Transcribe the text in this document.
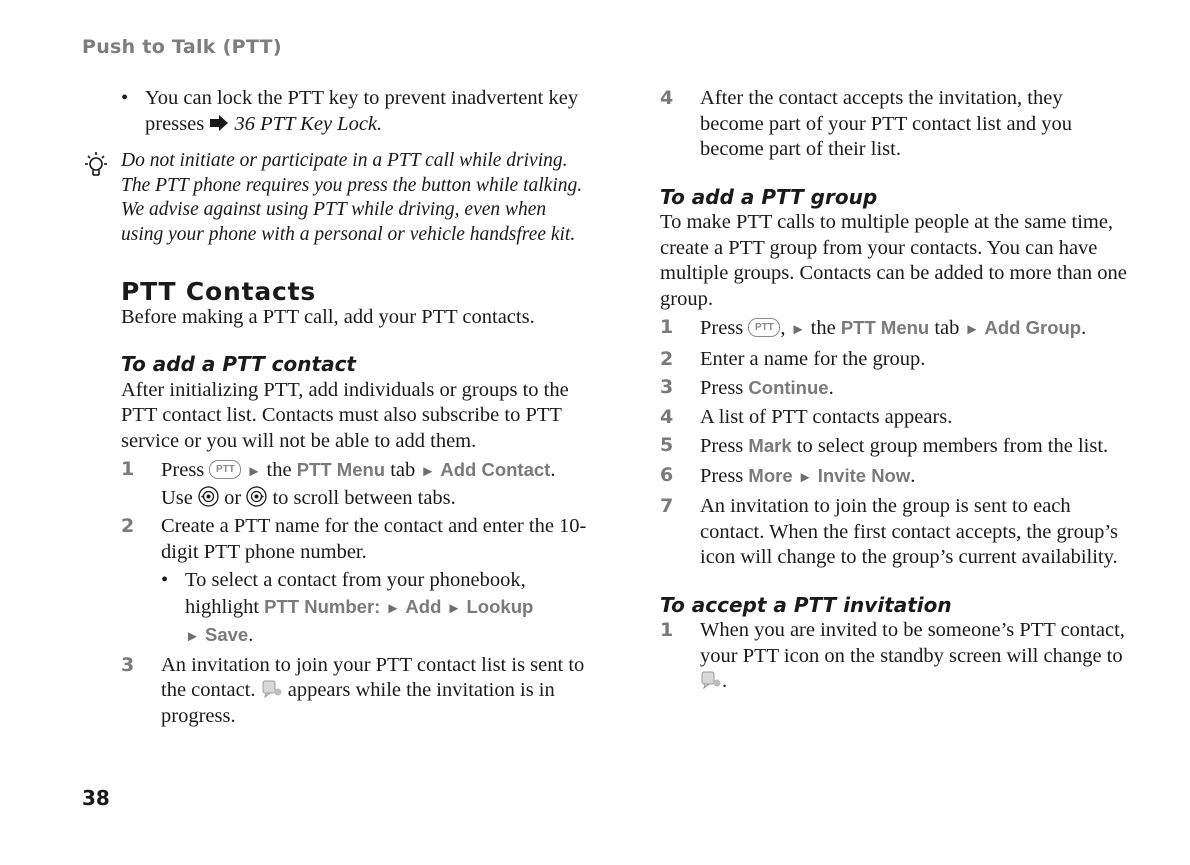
Push to Talk (PTT)
• You can lock the PTT key to prevent inadvertent key presses 36 PTT Key Lock.
Do not initiate or participate in a PTT call while driving. The PTT phone requires you press the button while talking. We advise against using PTT while driving, even when using your phone with a personal or vehicle handsfree kit.
PTT Contacts
Before making a PTT call, add your PTT contacts.
To add a PTT contact
After initializing PTT, add individuals or groups to the PTT contact list. Contacts must also subscribe to PTT service or you will not be able to add them.
1 Press PTT ► the PTT Menu tab ► Add Contact.
Use or to scroll between tabs.
2 Create a PTT name for the contact and enter the 10-digit PTT phone number.
• To select a contact from your phonebook, highlight PTT Number: ► Add ► Lookup
► Save.
3 An invitation to join your PTT contact list is sent to the contact. appears while the invitation is in progress.
4 After the contact accepts the invitation, they become part of your PTT contact list and you become part of their list.
To add a PTT group
To make PTT calls to multiple people at the same time, create a PTT group from your contacts. You can have multiple groups. Contacts can be added to more than one group.
1 Press PTT , ► the PTT Menu tab ► Add Group.
2 Enter a name for the group.
3 Press Continue.
4 A list of PTT contacts appears.
5 Press Mark to select group members from the list.
6 Press More ► Invite Now.
7 An invitation to join the group is sent to each contact. When the first contact accepts, the group’s icon will change to the group’s current availability.
To accept a PTT invitation
1 When you are invited to be someone’s PTT contact, your PTT icon on the standby screen will change to .
38
